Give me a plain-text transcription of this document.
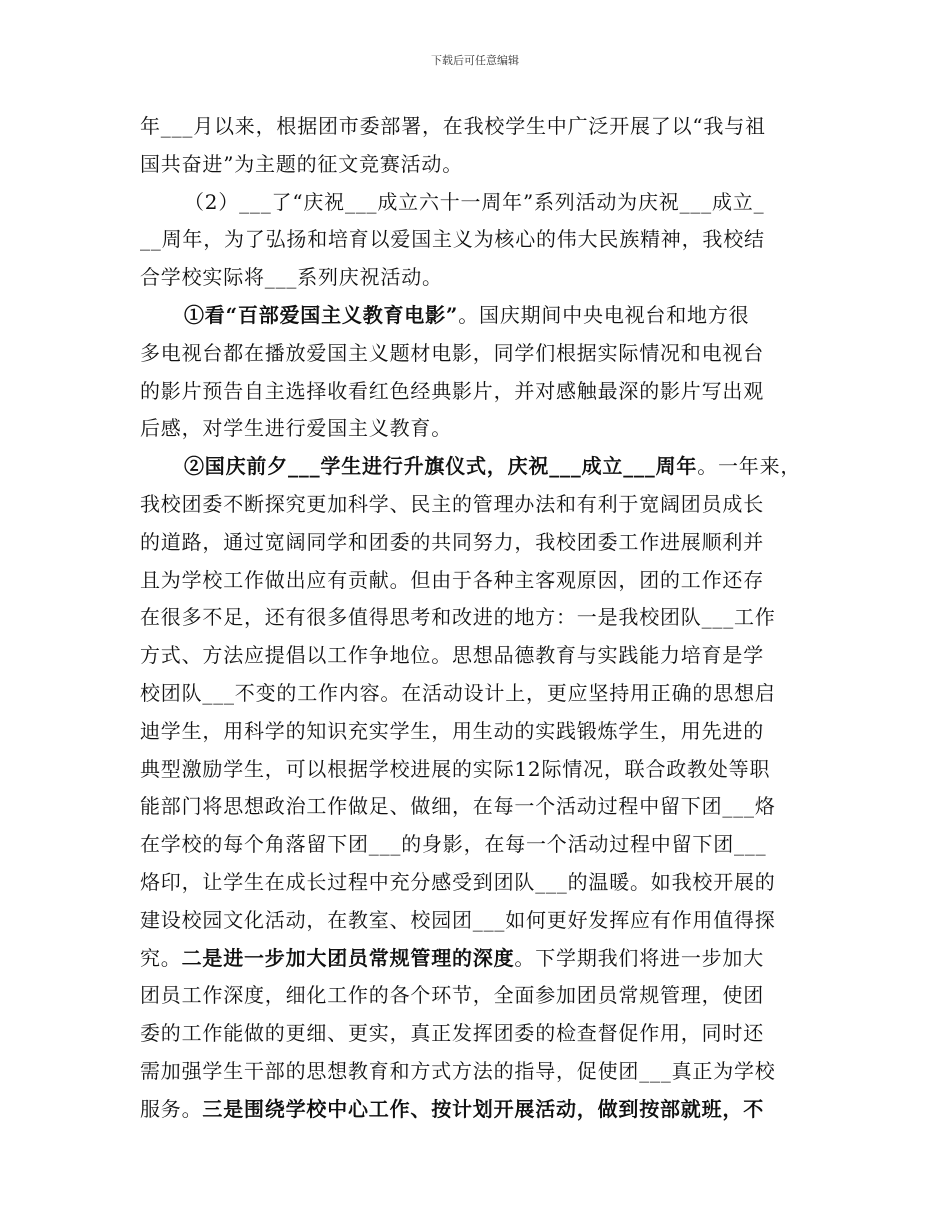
下载后可任意编辑
年___月以来，根据团市委部署，在我校学生中广泛开展了以“我与祖
国共奋进”为主题的征文竞赛活动。
（2）___了“庆祝___成立六十一周年”系列活动为庆祝___成立_
__周年，为了弘扬和培育以爱国主义为核心的伟大民族精神，我校结
合学校实际将___系列庆祝活动。
①看“百部爱国主义教育电影”。国庆期间中央电视台和地方很
多电视台都在播放爱国主义题材电影，同学们根据实际情况和电视台
的影片预告自主选择收看红色经典影片，并对感触最深的影片写出观
后感，对学生进行爱国主义教育。
②国庆前夕___学生进行升旗仪式，庆祝___成立___周年。一年来，
我校团委不断探究更加科学、民主的管理办法和有利于宽阔团员成长
的道路，通过宽阔同学和团委的共同努力，我校团委工作进展顺利并
且为学校工作做出应有贡献。但由于各种主客观原因，团的工作还存
在很多不足，还有很多值得思考和改进的地方：一是我校团队___工作
方式、方法应提倡以工作争地位。思想品德教育与实践能力培育是学
校团队___不变的工作内容。在活动设计上，更应坚持用正确的思想启
迪学生，用科学的知识充实学生，用生动的实践锻炼学生，用先进的
典型激励学生，可以根据学校进展的实际12际情况，联合政教处等职
能部门将思想政治工作做足、做细，在每一个活动过程中留下团___烙
在学校的每个角落留下团___的身影，在每一个活动过程中留下团___
烙印，让学生在成长过程中充分感受到团队___的温暖。如我校开展的
建设校园文化活动，在教室、校园团___如何更好发挥应有作用值得探
究。二是进一步加大团员常规管理的深度。下学期我们将进一步加大
团员工作深度，细化工作的各个环节，全面参加团员常规管理，使团
委的工作能做的更细、更实，真正发挥团委的检查督促作用，同时还
需加强学生干部的思想教育和方式方法的指导，促使团___真正为学校
服务。三是围绕学校中心工作、按计划开展活动，做到按部就班，不
